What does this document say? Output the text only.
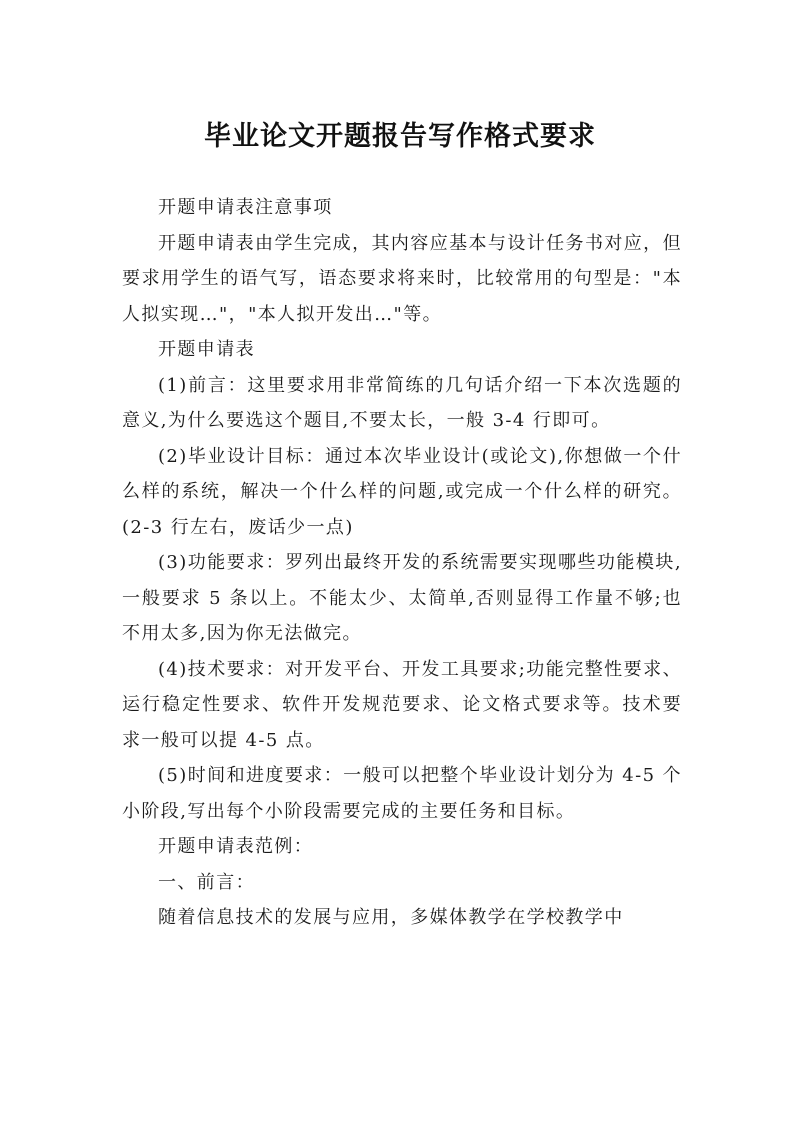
毕业论文开题报告写作格式要求

开题申请表注意事项

开题申请表由学生完成，其内容应基本与设计任务书对应，但要求用学生的语气写，语态要求将来时，比较常用的句型是："本人拟实现…"，"本人拟开发出…"等。

开题申请表

(1)前言：这里要求用非常简练的几句话介绍一下本次选题的意义,为什么要选这个题目,不要太长，一般 3-4 行即可。

(2)毕业设计目标：通过本次毕业设计(或论文),你想做一个什么样的系统，解决一个什么样的问题,或完成一个什么样的研究。(2-3 行左右，废话少一点)

(3)功能要求：罗列出最终开发的系统需要实现哪些功能模块,一般要求 5 条以上。不能太少、太简单,否则显得工作量不够;也不用太多,因为你无法做完。

(4)技术要求：对开发平台、开发工具要求;功能完整性要求、运行稳定性要求、软件开发规范要求、论文格式要求等。技术要求一般可以提 4-5 点。

(5)时间和进度要求：一般可以把整个毕业设计划分为 4-5 个小阶段,写出每个小阶段需要完成的主要任务和目标。

开题申请表范例：

一、前言：

随着信息技术的发展与应用，多媒体教学在学校教学中
